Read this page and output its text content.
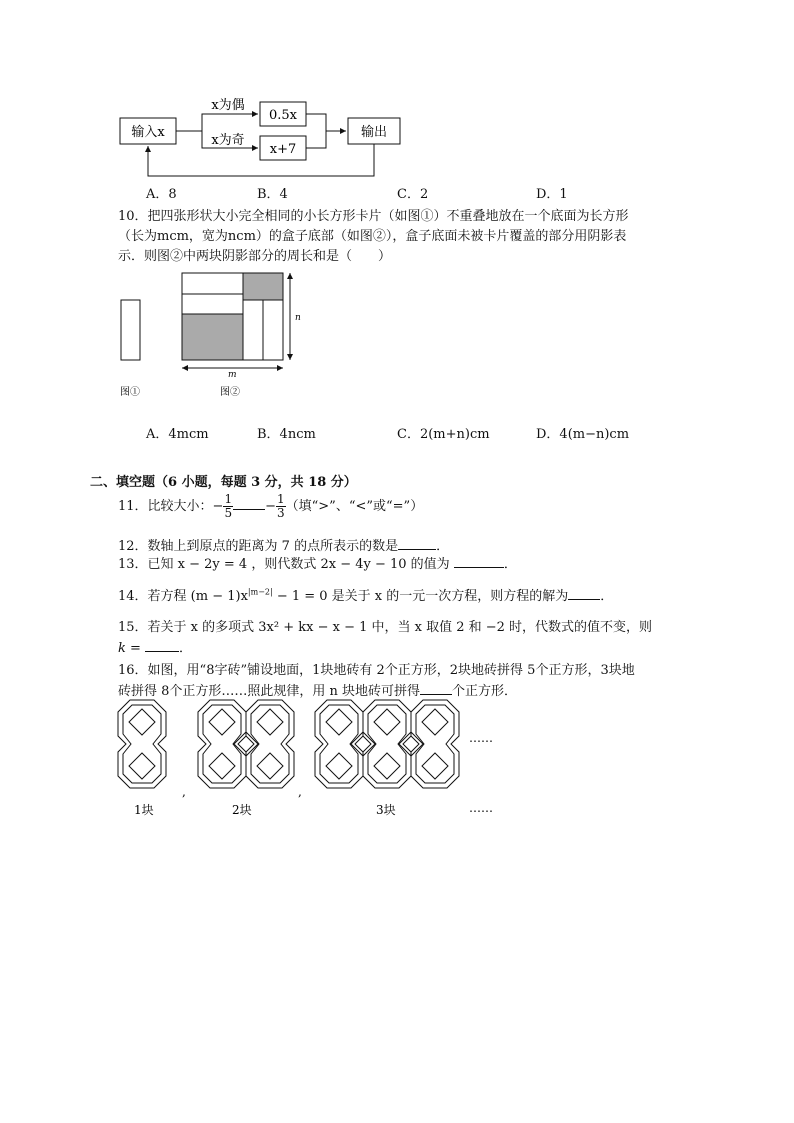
输入x
x为偶
x为奇
0.5x
x+7
输出
A．8	B．4	C．2	D．1
10．把四张形状大小完全相同的小长方形卡片（如图①）不重叠地放在一个底面为长方形
（长为mcm，宽为ncm）的盒子底部（如图②），盒子底面未被卡片覆盖的部分用阴影表
示．则图②中两块阴影部分的周长和是（　　）
n
m
图①	图②
A．4mcm	B．4ncm	C．2(m+n)cm	D．4(m−n)cm
二、填空题（6 小题，每题 3 分，共 18 分）
11．比较大小：− $\frac{1}{5} - \frac{1}{3}$ （填“>”、“<”或“=”）
12．数轴上到原点的距离为 7 的点所表示的数是	．
13．已知 x − 2y = 4 ，则代数式 2x − 4y − 10 的值为	．
14．若方程 $(m - 1)x^{|m-2|} - 1 = 0$ 是关于 x 的一元一次方程，则方程的解为 ．
15．若关于 x 的多项式 3x² + kx − x − 1 中，当 x 取值 2 和 −2 时，代数式的值不变，则
k =	．
16．如图，用“8字砖”铺设地面，1块地砖有 2个正方形，2块地砖拼得 5个正方形，3块地
砖拼得 8个正方形……照此规律，用 n 块地砖可拼得 个正方形．
,	,
1块	2块	3块
……
……
